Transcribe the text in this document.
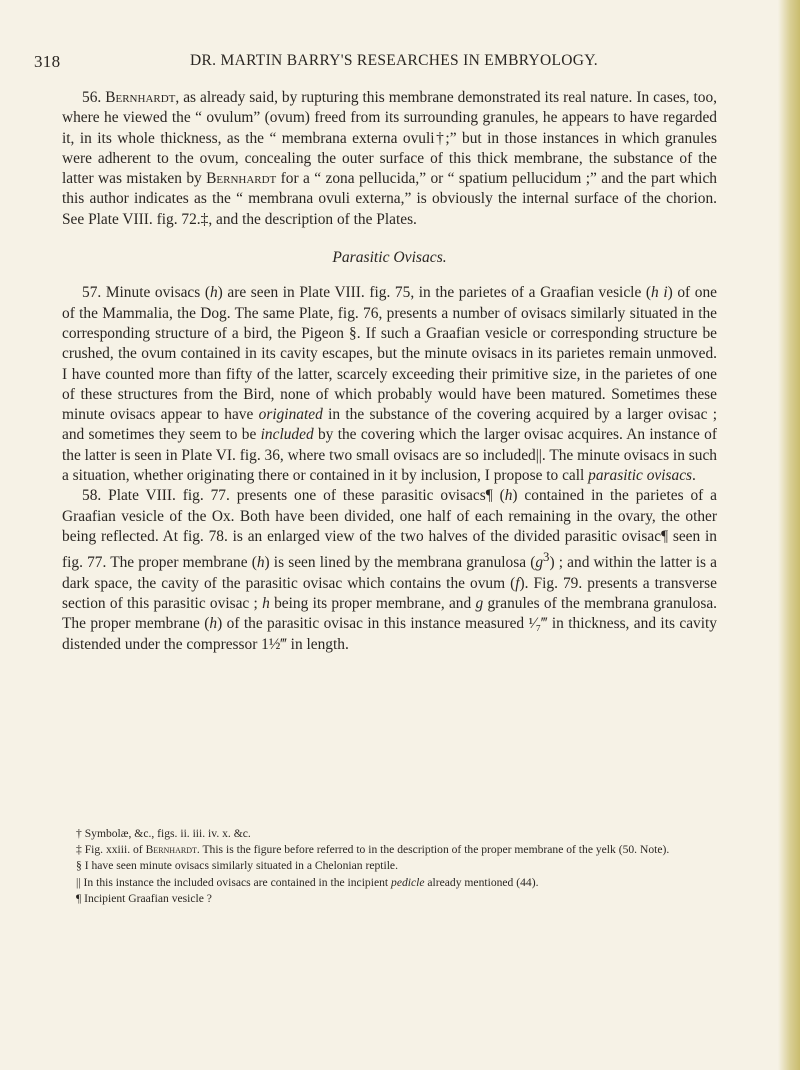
318	DR. MARTIN BARRY'S RESEARCHES IN EMBRYOLOGY.

56. Bernhardt, as already said, by rupturing this membrane demonstrated its real nature. In cases, too, where he viewed the “ ovulum” (ovum) freed from its surrounding granules, he appears to have regarded it, in its whole thickness, as the “ membrana externa ovuli†;” but in those instances in which granules were adherent to the ovum, concealing the outer surface of this thick membrane, the substance of the latter was mistaken by Bernhardt for a “ zona pellucida,” or “ spatium pellucidum ;” and the part which this author indicates as the “ membrana ovuli externa,” is obviously the internal surface of the chorion. See Plate VIII. fig. 72.‡, and the description of the Plates.

Parasitic Ovisacs.

57. Minute ovisacs (h) are seen in Plate VIII. fig. 75, in the parietes of a Graafian vesicle (h i) of one of the Mammalia, the Dog. The same Plate, fig. 76, presents a number of ovisacs similarly situated in the corresponding structure of a bird, the Pigeon §. If such a Graafian vesicle or corresponding structure be crushed, the ovum contained in its cavity escapes, but the minute ovisacs in its parietes remain unmoved. I have counted more than fifty of the latter, scarcely exceeding their primitive size, in the parietes of one of these structures from the Bird, none of which probably would have been matured. Sometimes these minute ovisacs appear to have originated in the substance of the covering acquired by a larger ovisac ; and sometimes they seem to be included by the covering which the larger ovisac acquires. An instance of the latter is seen in Plate VI. fig. 36, where two small ovisacs are so included||. The minute ovisacs in such a situation, whether originating there or contained in it by inclusion, I propose to call parasitic ovisacs.

58. Plate VIII. fig. 77. presents one of these parasitic ovisacs¶ (h) contained in the parietes of a Graafian vesicle of the Ox. Both have been divided, one half of each remaining in the ovary, the other being reflected. At fig. 78. is an enlarged view of the two halves of the divided parasitic ovisac¶ seen in fig. 77. The proper membrane (h) is seen lined by the membrana granulosa $(g^3)$ ; and within the latter is a dark space, the cavity of the parasitic ovisac which contains the ovum (f). Fig. 79. presents a transverse section of this parasitic ovisac ; h being its proper membrane, and g granules of the membrana granulosa. The proper membrane (h) of the parasitic ovisac in this instance measured ¹⁄₇‴ in thickness, and its cavity distended under the compressor 1½‴ in length.

† Symbolæ, &c., figs. ii. iii. iv. x. &c.

‡ Fig. xxiii. of Bernhardt. This is the figure before referred to in the description of the proper membrane of the yelk (50. Note).

§ I have seen minute ovisacs similarly situated in a Chelonian reptile.

|| In this instance the included ovisacs are contained in the incipient pedicle already mentioned (44).

¶ Incipient Graafian vesicle ?
